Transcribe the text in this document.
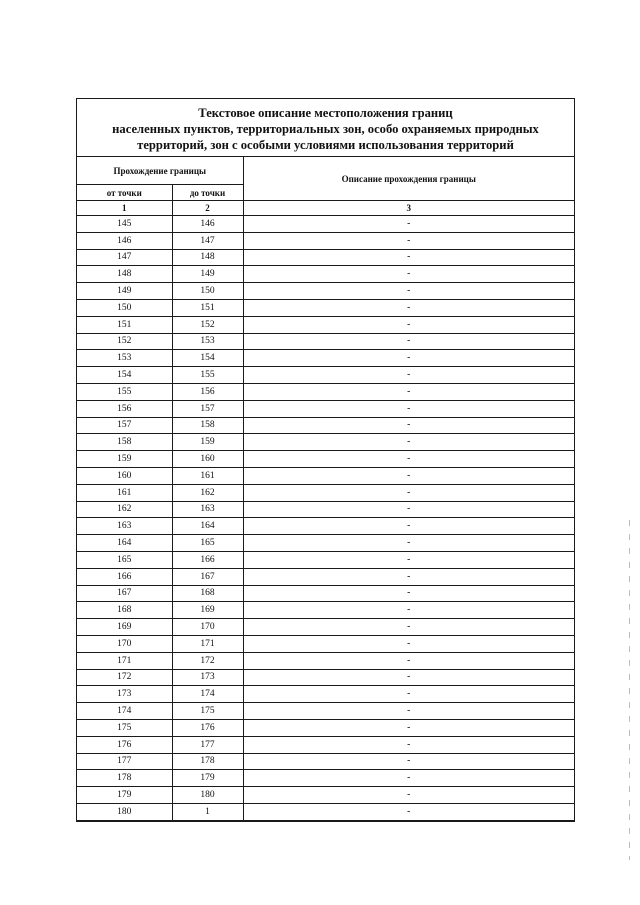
Текстовое описание местоположения границ
населенных пунктов, территориальных зон, особо охраняемых природных
территорий, зон с особыми условиями использования территорий
Прохождение границы		Описание прохождения границы
от точки	до точки	
1	2	3
145	146	-
146	147	-
147	148	-
148	149	-
149	150	-
150	151	-
151	152	-
152	153	-
153	154	-
154	155	-
155	156	-
156	157	-
157	158	-
158	159	-
159	160	-
160	161	-
161	162	-
162	163	-
163	164	-
164	165	-
165	166	-
166	167	-
167	168	-
168	169	-
169	170	-
170	171	-
171	172	-
172	173	-
173	174	-
174	175	-
175	176	-
176	177	-
177	178	-
178	179	-
179	180	-
180	1	-
